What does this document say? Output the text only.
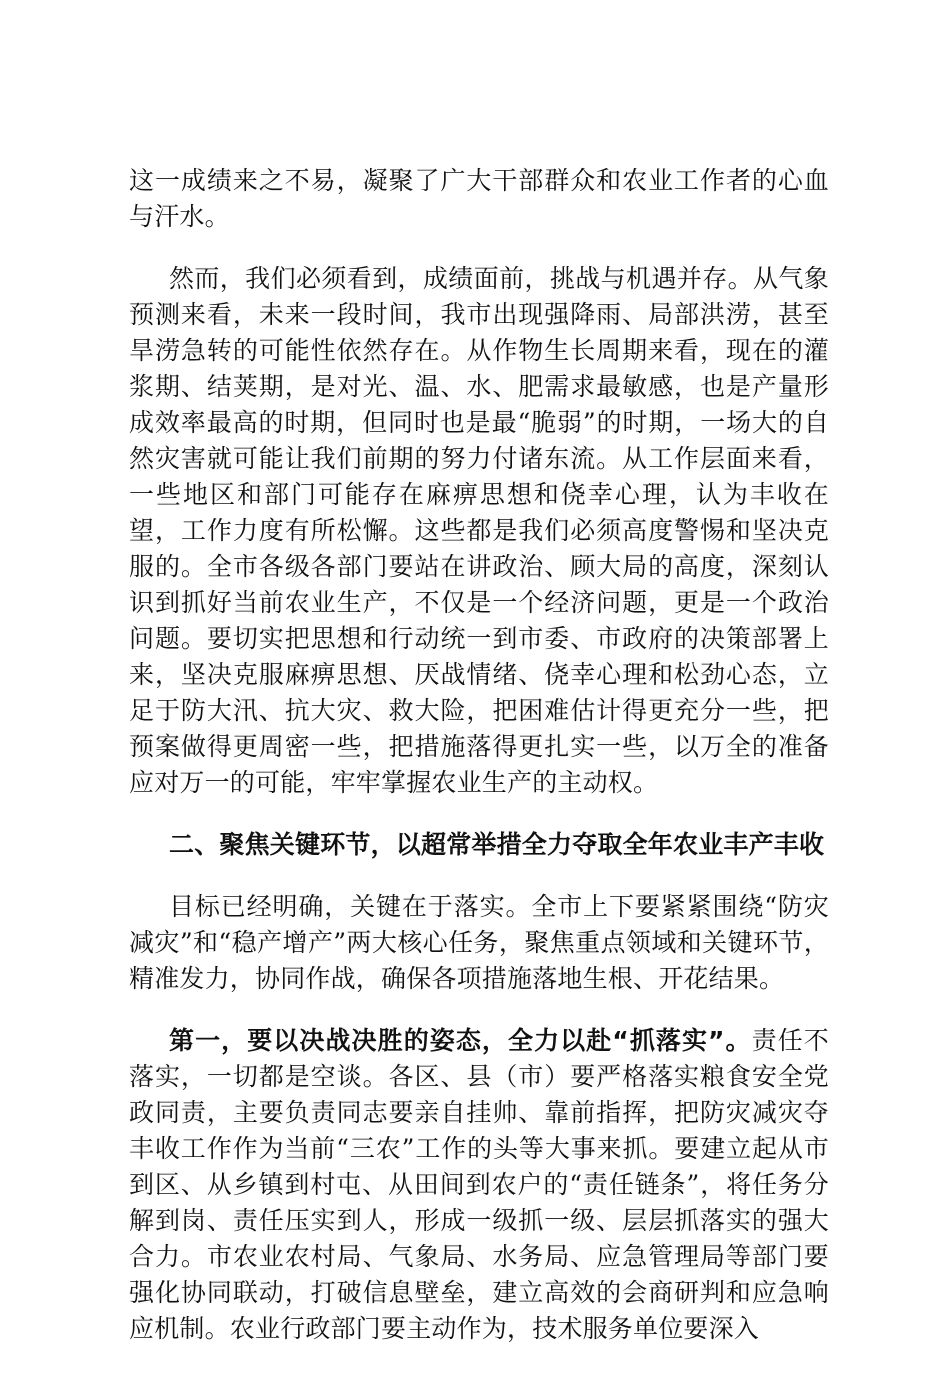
这一成绩来之不易，凝聚了广大干部群众和农业工作者的心血与汗水。

然而，我们必须看到，成绩面前，挑战与机遇并存。从气象预测来看，未来一段时间，我市出现强降雨、局部洪涝，甚至旱涝急转的可能性依然存在。从作物生长周期来看，现在的灌浆期、结荚期，是对光、温、水、肥需求最敏感，也是产量形成效率最高的时期，但同时也是最“脆弱”的时期，一场大的自然灾害就可能让我们前期的努力付诸东流。从工作层面来看，一些地区和部门可能存在麻痹思想和侥幸心理，认为丰收在望，工作力度有所松懈。这些都是我们必须高度警惕和坚决克服的。全市各级各部门要站在讲政治、顾大局的高度，深刻认识到抓好当前农业生产，不仅是一个经济问题，更是一个政治问题。要切实把思想和行动统一到市委、市政府的决策部署上来，坚决克服麻痹思想、厌战情绪、侥幸心理和松劲心态，立足于防大汛、抗大灾、救大险，把困难估计得更充分一些，把预案做得更周密一些，把措施落得更扎实一些，以万全的准备应对万一的可能，牢牢掌握农业生产的主动权。

二、聚焦关键环节，以超常举措全力夺取全年农业丰产丰收

目标已经明确，关键在于落实。全市上下要紧紧围绕“防灾减灾”和“稳产增产”两大核心任务，聚焦重点领域和关键环节，精准发力，协同作战，确保各项措施落地生根、开花结果。

第一，要以决战决胜的姿态，全力以赴“抓落实”。责任不落实，一切都是空谈。各区、县（市）要严格落实粮食安全党政同责，主要负责同志要亲自挂帅、靠前指挥，把防灾减灾夺丰收工作作为当前“三农”工作的头等大事来抓。要建立起从市到区、从乡镇到村屯、从田间到农户的“责任链条”，将任务分解到岗、责任压实到人，形成一级抓一级、层层抓落实的强大合力。市农业农村局、气象局、水务局、应急管理局等部门要强化协同联动，打破信息壁垒，建立高效的会商研判和应急响应机制。农业行政部门要主动作为，技术服务单位要深入
